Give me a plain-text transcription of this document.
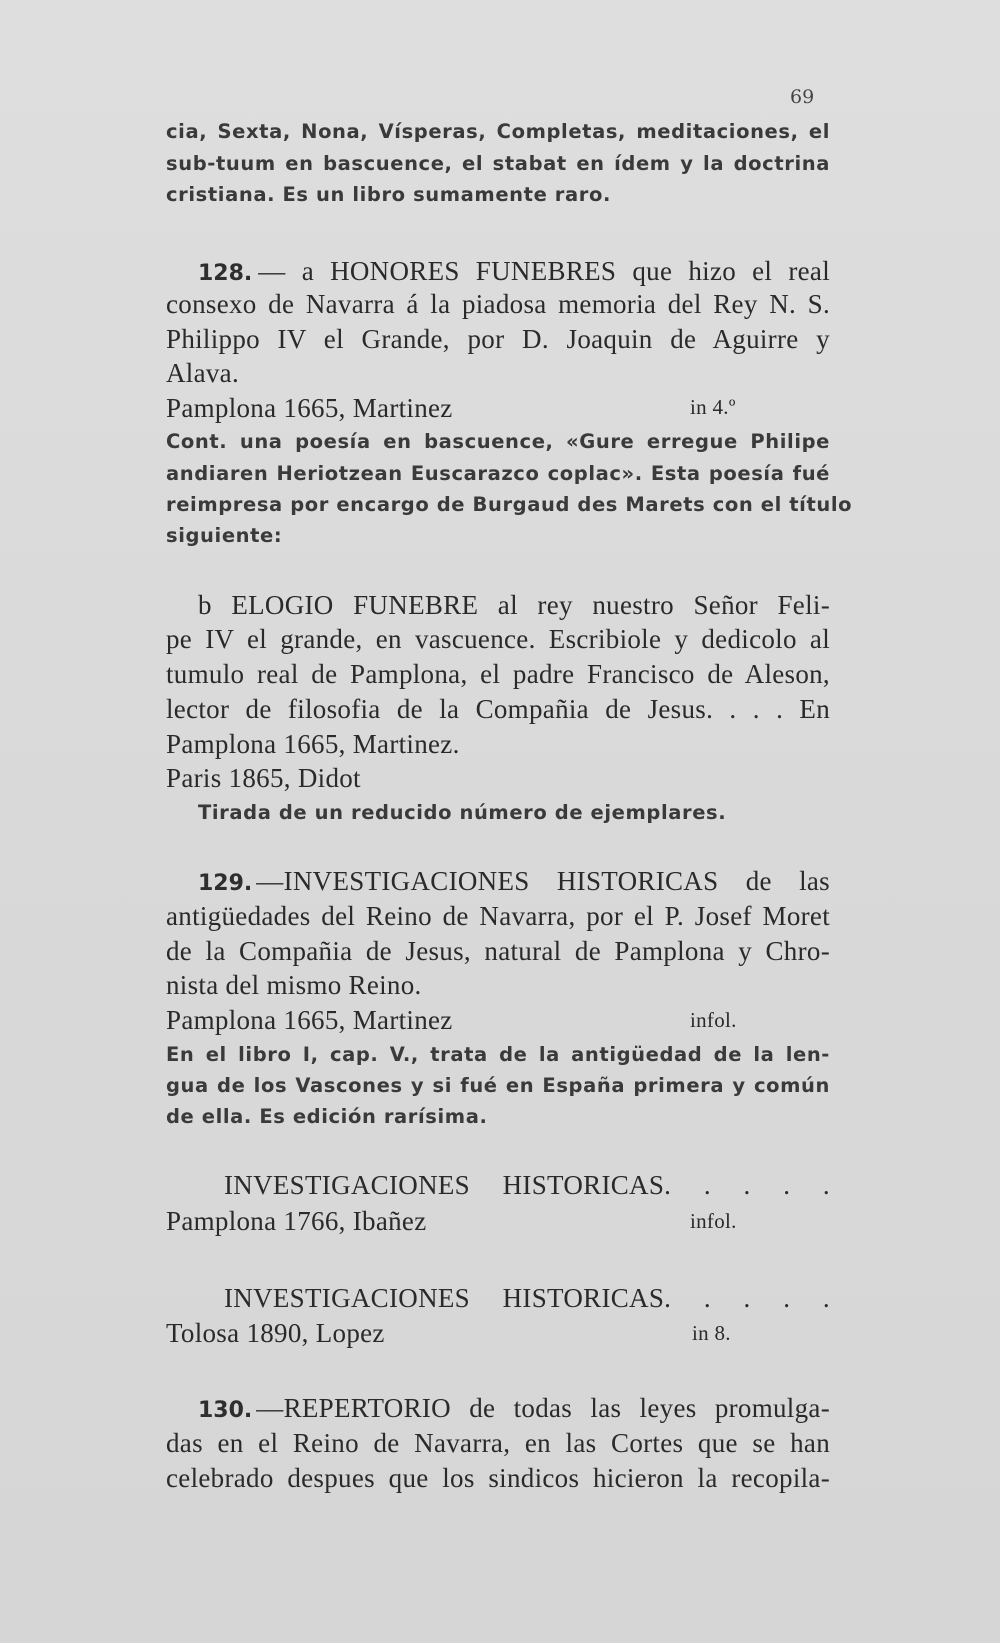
69
cia, Sexta, Nona, Vísperas, Completas, meditaciones, el
sub-tuum en bascuence, el stabat en ídem y la doctrina
cristiana. Es un libro sumamente raro.
128. — a HONORES FUNEBRES que hizo el real
consexo de Navarra á la piadosa memoria del Rey N. S.
Philippo IV el Grande, por D. Joaquin de Aguirre y
Alava.
Pamplona 1665, Martinez	in 4.º
Cont. una poesía en bascuence, «Gure erregue Philipe
andiaren Heriotzean Euscarazco coplac». Esta poesía fué
reimpresa por encargo de Burgaud des Marets con el título
siguiente:
b ELOGIO FUNEBRE al rey nuestro Señor Feli-
pe IV el grande, en vascuence. Escribiole y dedicolo al
tumulo real de Pamplona, el padre Francisco de Aleson,
lector de filosofia de la Compañia de Jesus. . . . En
Pamplona 1665, Martinez.
Paris 1865, Didot
Tirada de un reducido número de ejemplares.
129. —INVESTIGACIONES HISTORICAS de las
antigüedades del Reino de Navarra, por el P. Josef Moret
de la Compañia de Jesus, natural de Pamplona y Chro-
nista del mismo Reino.
Pamplona 1665, Martinez	infol.
En el libro I, cap. V., trata de la antigüedad de la len-
gua de los Vascones y si fué en España primera y común
de ella. Es edición rarísima.
INVESTIGACIONES HISTORICAS. . . . .
Pamplona 1766, Ibañez	infol.
INVESTIGACIONES HISTORICAS. . . . .
Tolosa 1890, Lopez	in 8.
130. —REPERTORIO de todas las leyes promulga-
das en el Reino de Navarra, en las Cortes que se han
celebrado despues que los sindicos hicieron la recopila-
